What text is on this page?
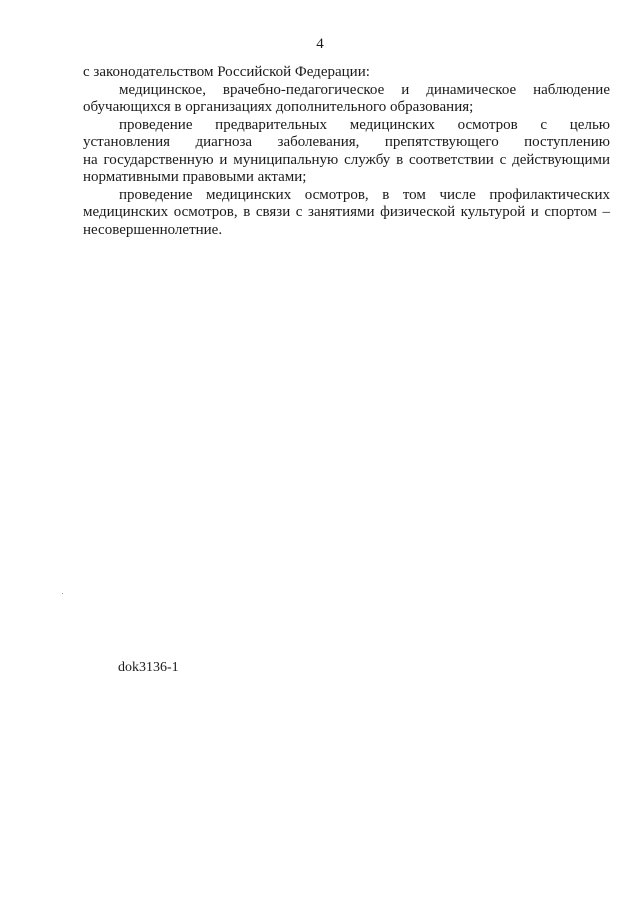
4
с законодательством Российской Федерации:
медицинское, врачебно-педагогическое и динамическое наблюдение
обучающихся в организациях дополнительного образования;
проведение предварительных медицинских осмотров с целью
установления диагноза заболевания, препятствующего поступлению
на государственную и муниципальную службу в соответствии с действующими
нормативными правовыми актами;
проведение медицинских осмотров, в том числе профилактических
медицинских осмотров, в связи с занятиями физической культурой и спортом –
несовершеннолетние.
dok3136-1
